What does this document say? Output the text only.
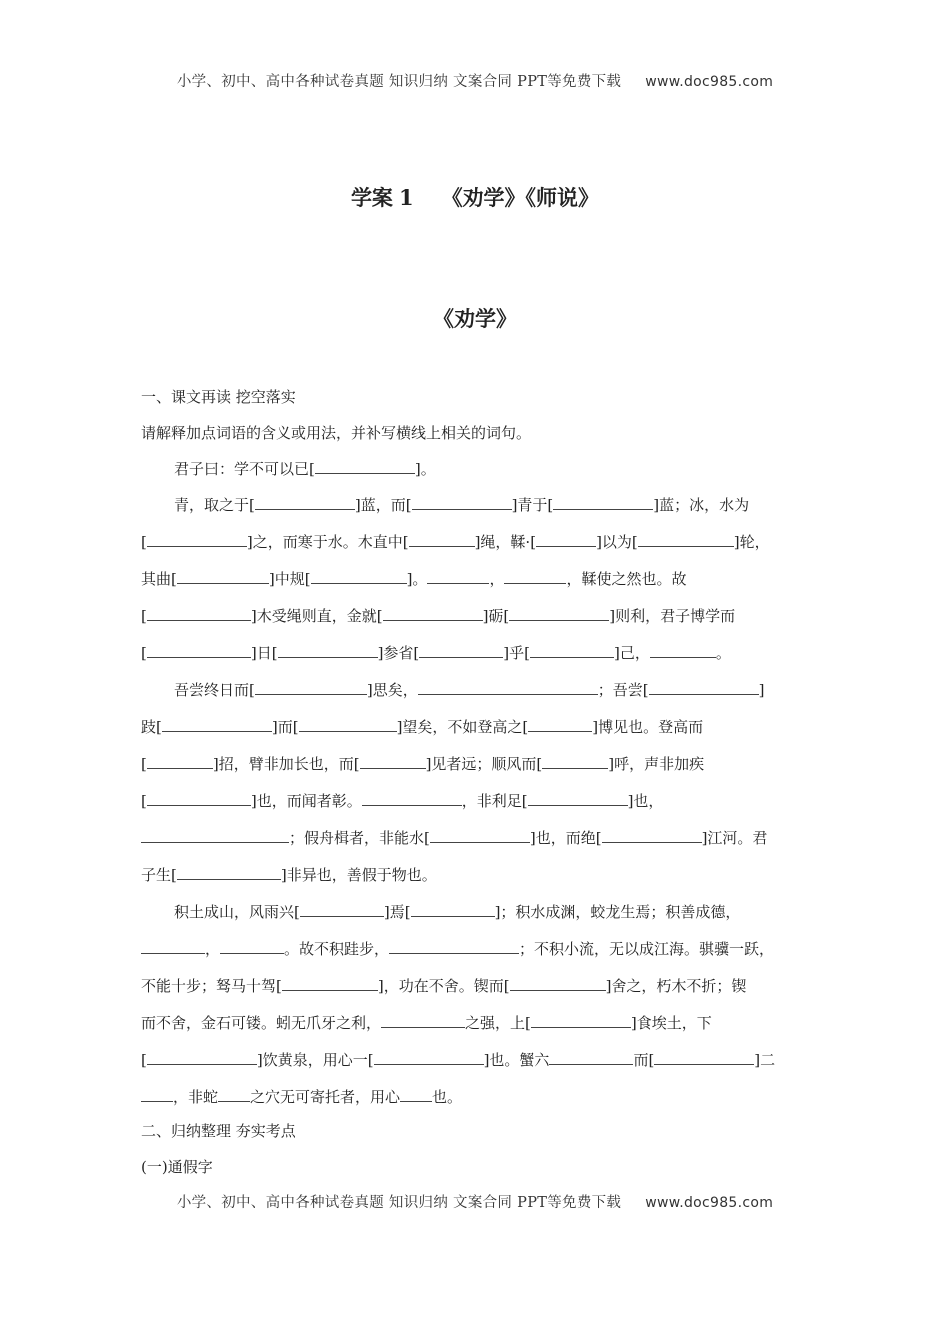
小学、初中、高中各种试卷真题 知识归纳 文案合同 PPT等免费下载 www.doc985.com
学案 1 《劝学》《师说》
《劝学》
一、课文再读 挖空落实
请解释加点词语的含义或用法，并补写横线上相关的词句。
君子曰：学不可以已[	]。
青，取之于[	]蓝，而[	]青于[	]蓝；冰，水为
[	]之，而寒于水。木直中[	]绳，鞣·[	]以为[	]轮，
其曲[	]中规[	]。	，	，鞣使之然也。故
[	]木受绳则直，金就[	]砺[	]则利，君子博学而
[	]日[	]参省[	]乎[	]己，	。
吾尝终日而[	]思矣，	；吾尝[	]
跂[	]而[	]望矣，不如登高之[	]博见也。登高而
[	]招，臂非加长也，而[	]见者远；顺风而[	]呼，声非加疾
[	]也，而闻者彰。	，非利足[	]也，
；假舟楫者，非能水[	]也，而绝[	]江河。君
子生[	]非异也，善假于物也。
积土成山，风雨兴[	]焉[	]；积水成渊，蛟龙生焉；积善成德，
，	。故不积跬步，	；不积小流，无以成江海。骐骥一跃，
不能十步；驽马十驾[	]，功在不舍。锲而[	]舍之，朽木不折；锲
而不舍，金石可镂。蚓无爪牙之利，	之强，上[	]食埃土，下
[	]饮黄泉，用心一[	]也。蟹六	而[	]二
，非蛇 之穴无可寄托者，用心 也。
二、归纳整理 夯实考点
(一)通假字
小学、初中、高中各种试卷真题 知识归纳 文案合同 PPT等免费下载 www.doc985.com
